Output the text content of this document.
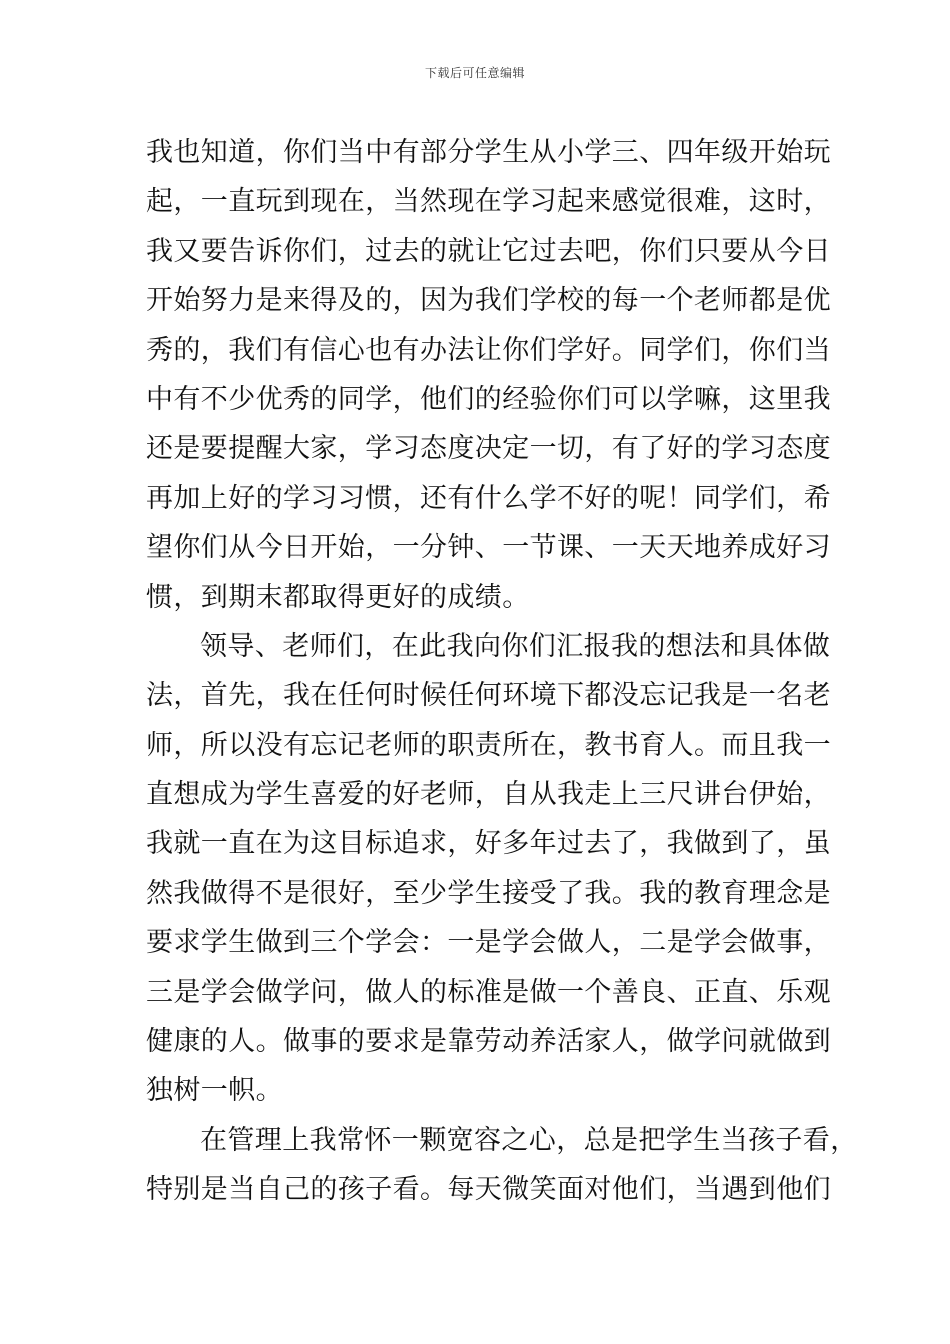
下载后可任意编辑
我也知道，你们当中有部分学生从小学三、四年级开始玩
起，一直玩到现在，当然现在学习起来感觉很难，这时，
我又要告诉你们，过去的就让它过去吧，你们只要从今日
开始努力是来得及的，因为我们学校的每一个老师都是优
秀的，我们有信心也有办法让你们学好。同学们，你们当
中有不少优秀的同学，他们的经验你们可以学嘛，这里我
还是要提醒大家，学习态度决定一切，有了好的学习态度
再加上好的学习习惯，还有什么学不好的呢！同学们，希
望你们从今日开始，一分钟、一节课、一天天地养成好习
惯，到期末都取得更好的成绩。
领导、老师们，在此我向你们汇报我的想法和具体做
法，首先，我在任何时候任何环境下都没忘记我是一名老
师，所以没有忘记老师的职责所在，教书育人。而且我一
直想成为学生喜爱的好老师，自从我走上三尺讲台伊始，
我就一直在为这目标追求，好多年过去了，我做到了，虽
然我做得不是很好，至少学生接受了我。我的教育理念是
要求学生做到三个学会：一是学会做人，二是学会做事，
三是学会做学问，做人的标准是做一个善良、正直、乐观
健康的人。做事的要求是靠劳动养活家人，做学问就做到
独树一帜。
在管理上我常怀一颗宽容之心，总是把学生当孩子看，
特别是当自己的孩子看。每天微笑面对他们，当遇到他们
